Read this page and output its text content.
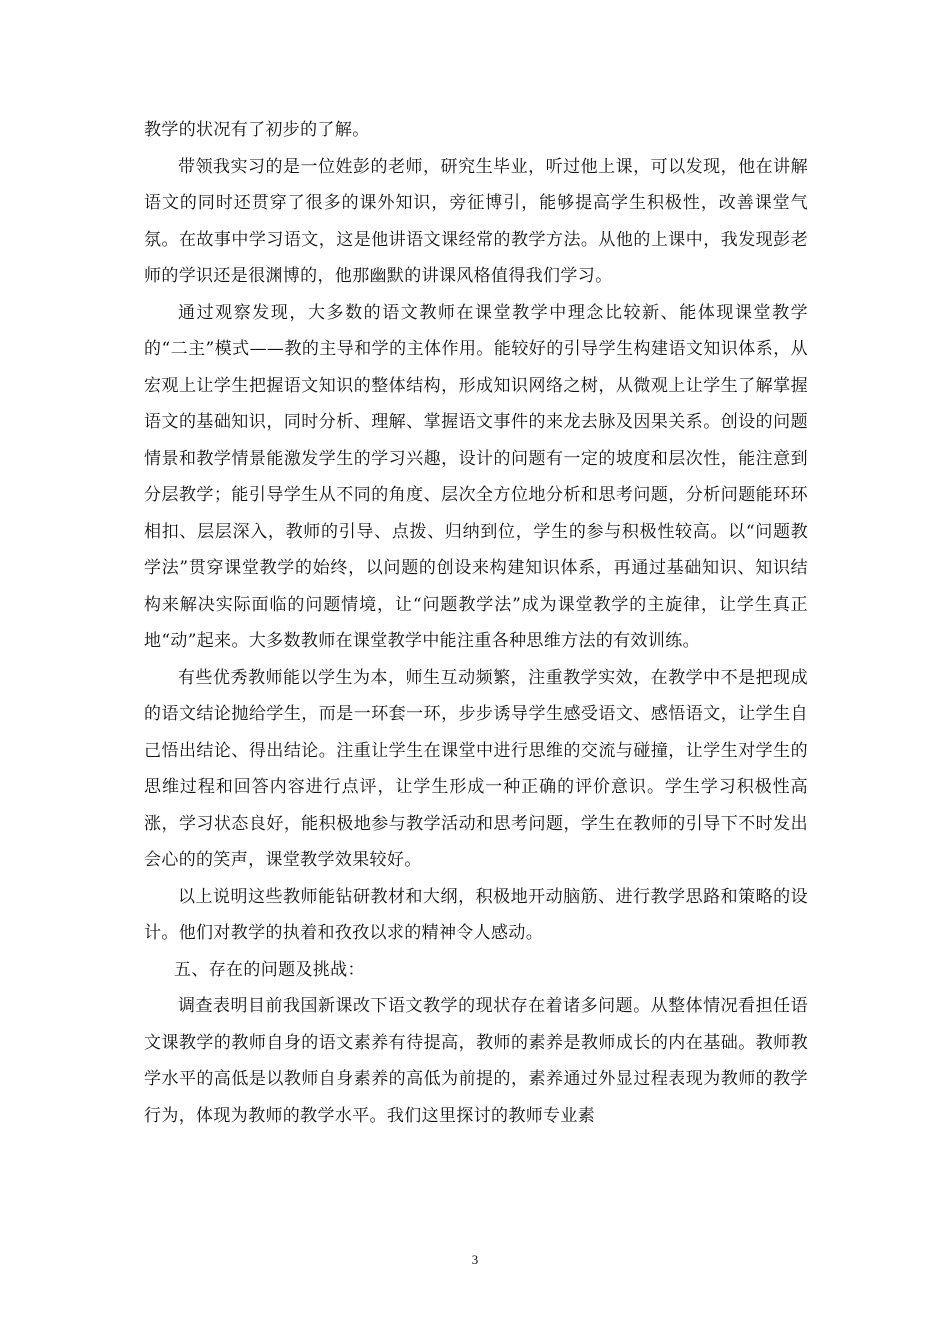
教学的状况有了初步的了解。

带领我实习的是一位姓彭的老师，研究生毕业，听过他上课，可以发现，他在讲解语文的同时还贯穿了很多的课外知识，旁征博引，能够提高学生积极性，改善课堂气氛。在故事中学习语文，这是他讲语文课经常的教学方法。从他的上课中，我发现彭老师的学识还是很渊博的，他那幽默的讲课风格值得我们学习。

通过观察发现，大多数的语文教师在课堂教学中理念比较新、能体现课堂教学的“二主”模式——教的主导和学的主体作用。能较好的引导学生构建语文知识体系，从宏观上让学生把握语文知识的整体结构，形成知识网络之树，从微观上让学生了解掌握语文的基础知识，同时分析、理解、掌握语文事件的来龙去脉及因果关系。创设的问题情景和教学情景能激发学生的学习兴趣，设计的问题有一定的坡度和层次性，能注意到分层教学；能引导学生从不同的角度、层次全方位地分析和思考问题，分析问题能环环相扣、层层深入，教师的引导、点拨、归纳到位，学生的参与积极性较高。以“问题教学法”贯穿课堂教学的始终，以问题的创设来构建知识体系，再通过基础知识、知识结构来解决实际面临的问题情境，让“问题教学法”成为课堂教学的主旋律，让学生真正地“动”起来。大多数教师在课堂教学中能注重各种思维方法的有效训练。

有些优秀教师能以学生为本，师生互动频繁，注重教学实效，在教学中不是把现成的语文结论抛给学生，而是一环套一环，步步诱导学生感受语文、感悟语文，让学生自己悟出结论、得出结论。注重让学生在课堂中进行思维的交流与碰撞，让学生对学生的思维过程和回答内容进行点评，让学生形成一种正确的评价意识。学生学习积极性高涨，学习状态良好，能积极地参与教学活动和思考问题，学生在教师的引导下不时发出会心的的笑声，课堂教学效果较好。

以上说明这些教师能钻研教材和大纲，积极地开动脑筋、进行教学思路和策略的设计。他们对教学的执着和孜孜以求的精神令人感动。

五、存在的问题及挑战：

调查表明目前我国新课改下语文教学的现状存在着诸多问题。从整体情况看担任语文课教学的教师自身的语文素养有待提高，教师的素养是教师成长的内在基础。教师教学水平的高低是以教师自身素养的高低为前提的，素养通过外显过程表现为教师的教学行为，体现为教师的教学水平。我们这里探讨的教师专业素

3
